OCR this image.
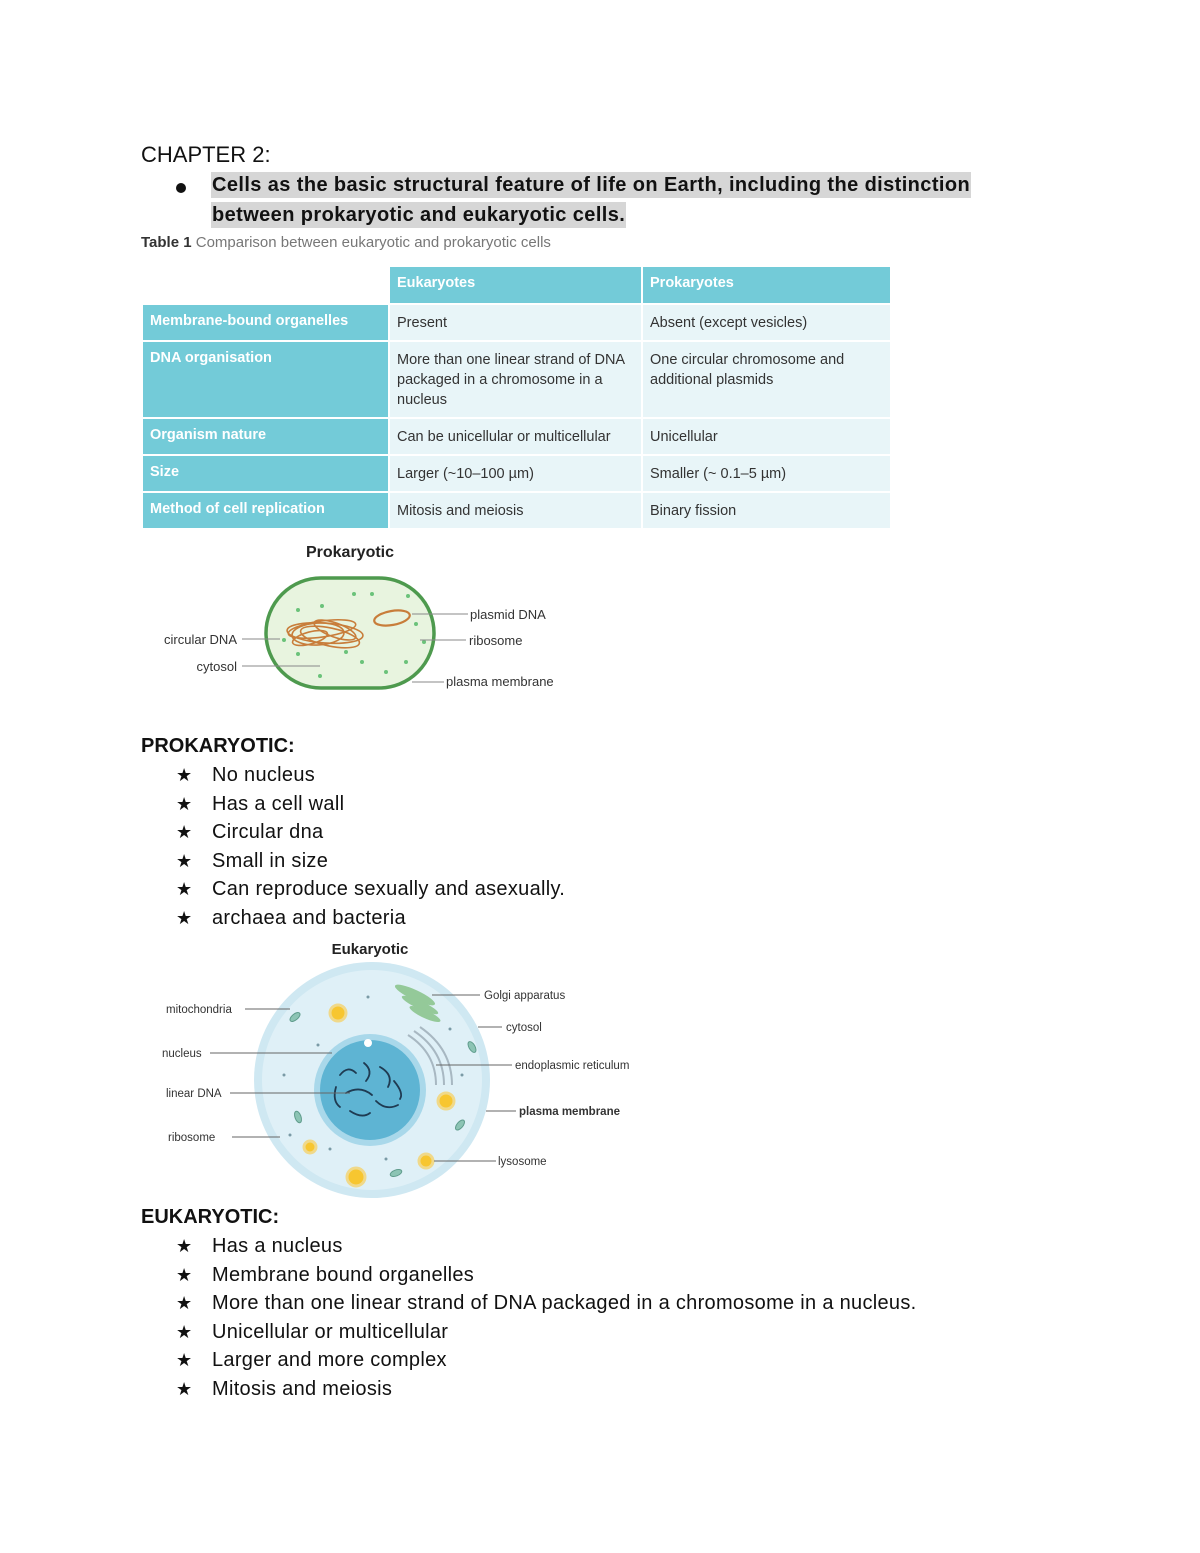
CHAPTER 2:
Cells as the basic structural feature of life on Earth, including the distinction
between prokaryotic and eukaryotic cells.
Table 1 Comparison between eukaryotic and prokaryotic cells
	Eukaryotes	Prokaryotes
Membrane-bound organelles	Present	Absent (except vesicles)
DNA organisation	More than one linear strand of DNA packaged in a chromosome in a nucleus	One circular chromosome and additional plasmids
Organism nature	Can be unicellular or multicellular	Unicellular
Size	Larger (~10–100 µm)	Smaller (~ 0.1–5 µm)
Method of cell replication	Mitosis and meiosis	Binary fission
Prokaryotic
circular DNA
cytosol
plasmid DNA
ribosome
plasma membrane
PROKARYOTIC:
★ No nucleus
★ Has a cell wall
★ Circular dna
★ Small in size
★ Can reproduce sexually and asexually.
★ archaea and bacteria
Eukaryotic
mitochondria
nucleus
linear DNA
ribosome
Golgi apparatus
cytosol
endoplasmic reticulum
plasma membrane
lysosome
EUKARYOTIC:
★ Has a nucleus
★ Membrane bound organelles
★ More than one linear strand of DNA packaged in a chromosome in a nucleus.
★ Unicellular or multicellular
★ Larger and more complex
★ Mitosis and meiosis
